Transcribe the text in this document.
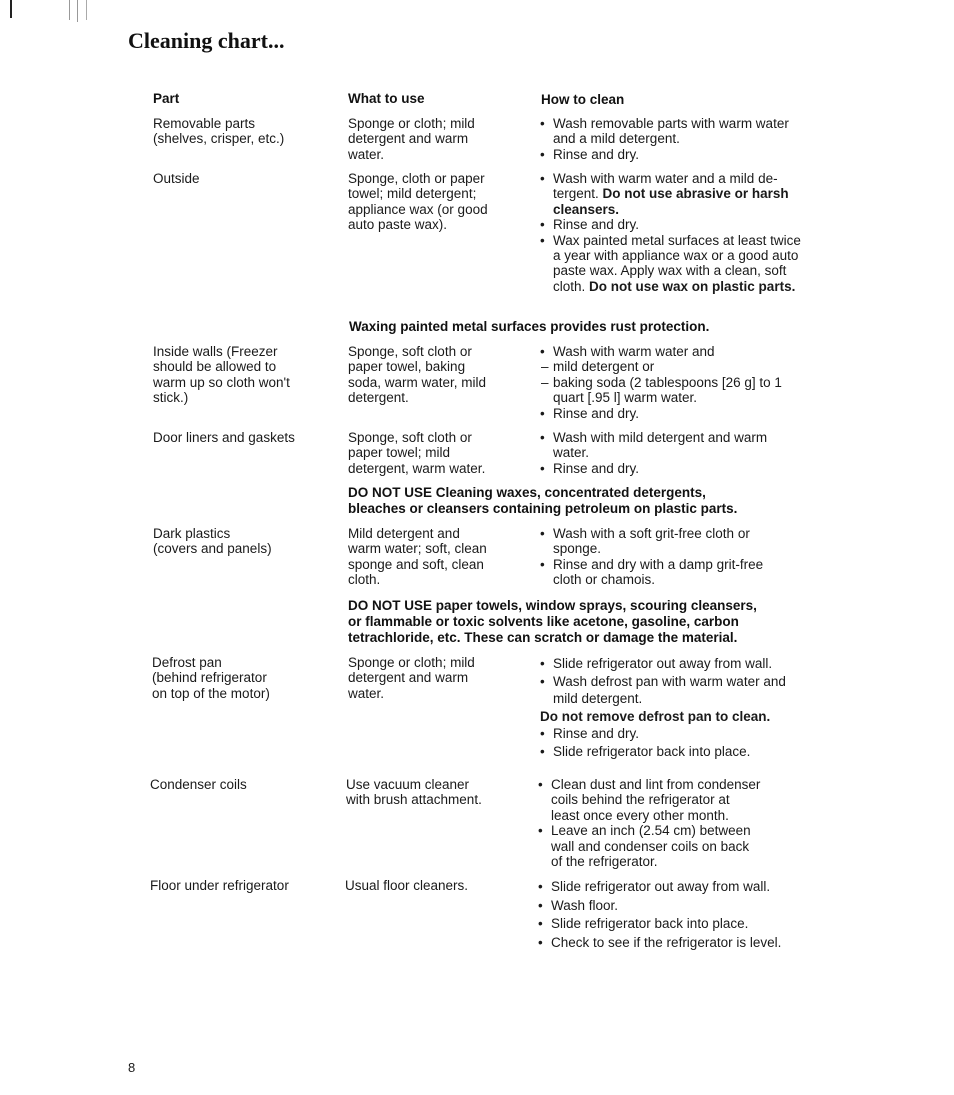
Cleaning chart...
Part	What to use	How to clean
Removable parts
(shelves, crisper, etc.)
Sponge or cloth; mild
detergent and warm
water.
• Wash removable parts with warm water
and a mild detergent.
• Rinse and dry.
Outside	Sponge, cloth or paper
towel; mild detergent;
appliance wax (or good
auto paste wax).
• Wash with warm water and a mild de-
tergent. Do not use abrasive or harsh cleansers.
• Rinse and dry.
• Wax painted metal surfaces at least twice a year with appliance wax or a good auto paste wax. Apply wax with a clean, soft cloth. Do not use wax on plastic parts.
Waxing painted metal surfaces provides rust protection.
Inside walls (Freezer
should be allowed to
warm up so cloth won't
stick.)
Sponge, soft cloth or
paper towel, baking
soda, warm water, mild
detergent.
• Wash with warm water and
– mild detergent or
– baking soda (2 tablespoons [26 g] to 1 quart [.95 l] warm water.
• Rinse and dry.
Door liners and gaskets	Sponge, soft cloth or
paper towel; mild
detergent, warm water.
• Wash with mild detergent and warm
water.
• Rinse and dry.
DO NOT USE Cleaning waxes, concentrated detergents,
bleaches or cleansers containing petroleum on plastic parts.
Dark plastics
(covers and panels)
Mild detergent and
warm water; soft, clean
sponge and soft, clean
cloth.
• Wash with a soft grit-free cloth or
sponge.
• Rinse and dry with a damp grit-free
cloth or chamois.
DO NOT USE paper towels, window sprays, scouring cleansers,
or flammable or toxic solvents like acetone, gasoline, carbon
tetrachloride, etc. These can scratch or damage the material.
Defrost pan
(behind refrigerator
on top of the motor)
Sponge or cloth; mild
detergent and warm
water.
• Slide refrigerator out away from wall.
• Wash defrost pan with warm water and mild detergent.
Do not remove defrost pan to clean.
• Rinse and dry.
• Slide refrigerator back into place.
Condenser coils	Use vacuum cleaner
with brush attachment.
• Clean dust and lint from condenser
coils behind the refrigerator at
least once every other month.
• Leave an inch (2.54 cm) between
wall and condenser coils on back
of the refrigerator.
Floor under refrigerator	Usual floor cleaners.
•	Slide refrigerator out away from wall.
• Wash floor.
• Slide refrigerator back into place.
• Check to see if the refrigerator is level.
8
